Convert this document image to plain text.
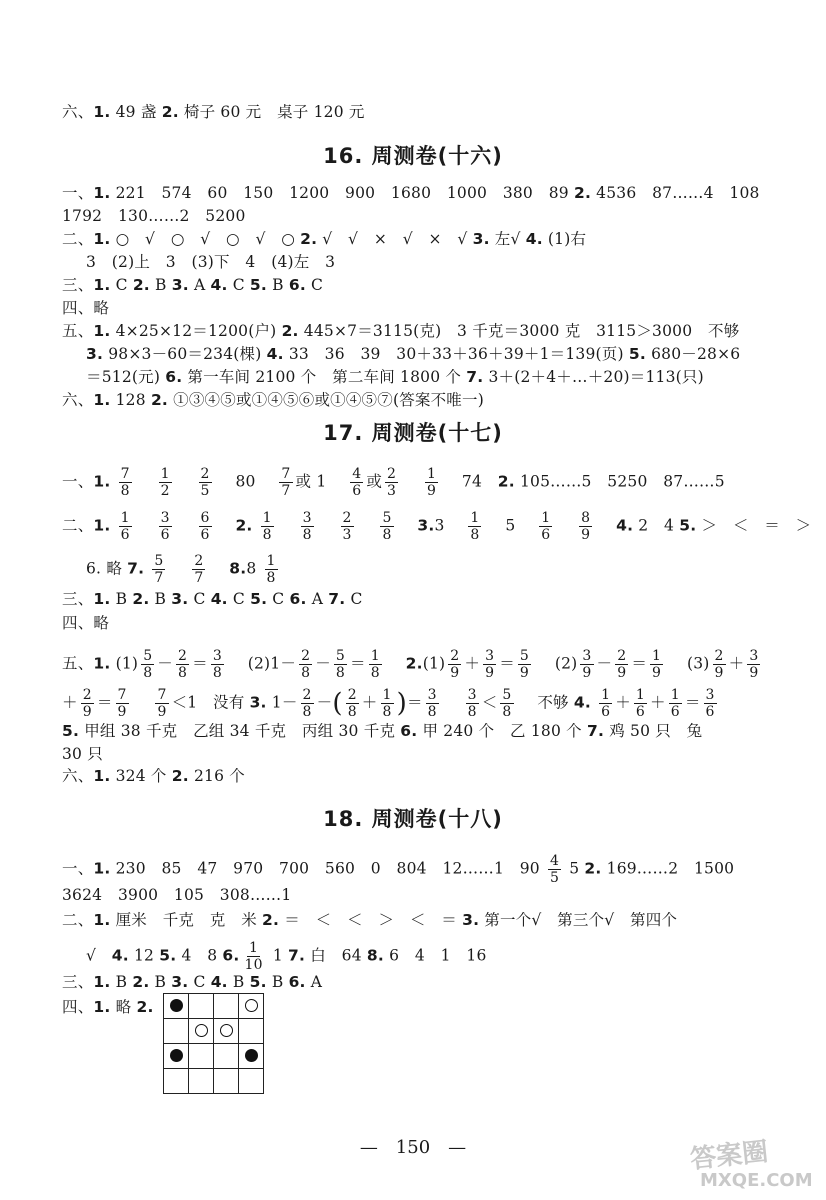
六、1. 49 盏 2. 椅子 60 元　桌子 120 元
16. 周测卷(十六)
一、1. 221　574　60　150　1200　900　1680　1000　380　89 2. 4536　87……4　108
1792　130……2　5200
二、1. ○　√　○　√　○　√　○ 2. √　√　×　√　×　√ 3. 左√ 4. (1)右
3　(2)上　3　(3)下　4　(4)左　3
三、1. C 2. B 3. A 4. C 5. B 6. C
四、略
五、1. 4×25×12＝1200(户) 2. 445×7＝3115(克)　3 千克＝3000 克　3115＞3000　不够
3. 98×3－60＝234(棵) 4. 33　36　39　30＋33＋36＋39＋1＝139(页) 5. 680－28×6
＝512(元) 6. 第一车间 2100 个　第二车间 1800 个 7. 3＋(2＋4＋…＋20)＝113(只)
六、1. 128 2. ①③④⑤或①④⑤⑥或①④⑤⑦(答案不唯一)
17. 周测卷(十七)
一、1. $\frac{7}{8}$
　 $\frac{1}{2}$
　 $\frac{2}{5}$
　 80　 $\frac{7}{7}$ 或 1　 $\frac{4}{6}$ 或 $\frac{2}{3}$
　 $\frac{1}{9}$
　 74　 2. 105……5　5250　87……5
二、1. $\frac{1}{6}$
　 $\frac{3}{6}$
　 $\frac{6}{6}$
　 2. $\frac{1}{8}$
　 $\frac{3}{8}$
　 $\frac{2}{3}$
　 $\frac{5}{8}$
　 3.3　 $\frac{1}{8}$
　 5　 $\frac{1}{6}$
　 $\frac{8}{9}$
　 4. 2　4 5. ＞　＜　＝　＞
6. 略 7. $\frac{5}{7}$
　 $\frac{2}{7}$
　 $8.8 \frac{1}{8}$
三、1. B 2. B 3. C 4. C 5. C 6. A 7. C
四、略
五、1. $(1) \frac{5}{8} - \frac{2}{8} = \frac{3}{8}$
　 $(2)1- \frac{2}{8} - \frac{5}{8} = \frac{1}{8}$
　 $2.(1) \frac{2}{9} + \frac{3}{9} = \frac{5}{9}$
　 $(2) \frac{3}{9} - \frac{2}{9} = \frac{1}{9}$
　 $(3) \frac{2}{9} + \frac{3}{9}$
＋ $\frac{2}{9} = \frac{7}{9}$
　 $\frac{7}{9} <1$　没有 3. $1- \frac{2}{8}$ －( $\frac{2}{8} + \frac{1}{8}$ )＝ $\frac{3}{8}$
　 $\frac{3}{8} < \frac{5}{8}$
　 不够 4. $\frac{1}{6} + \frac{1}{6} + \frac{1}{6} = \frac{3}{6}$
5. 甲组 38 千克　乙组 34 千克　丙组 30 千克 6. 甲 240 个　乙 180 个 7. 鸡 50 只　兔
30 只
六、1. 324 个 2. 216 个
18. 周测卷(十八)
一、1. 230　85　47　970　700　560　0　804　12……1　$90 \frac{4}{5} 5$ 2. 169……2　1500
3624　3900　105　308……1
二、1. 厘米　千克　克　米 2. ＝　＜　＜　＞　＜　＝ 3. 第一个√　第三个√　第四个
√　4. 12 5. 4　8 6. $\frac{1}{10} 1$ 7. 白　64 8. 6　4　1　16
三、1. B 2. B 3. C 4. B 5. B 6. A
四、1. 略 2.

—　150　—	答案圈
MXQE.COM
